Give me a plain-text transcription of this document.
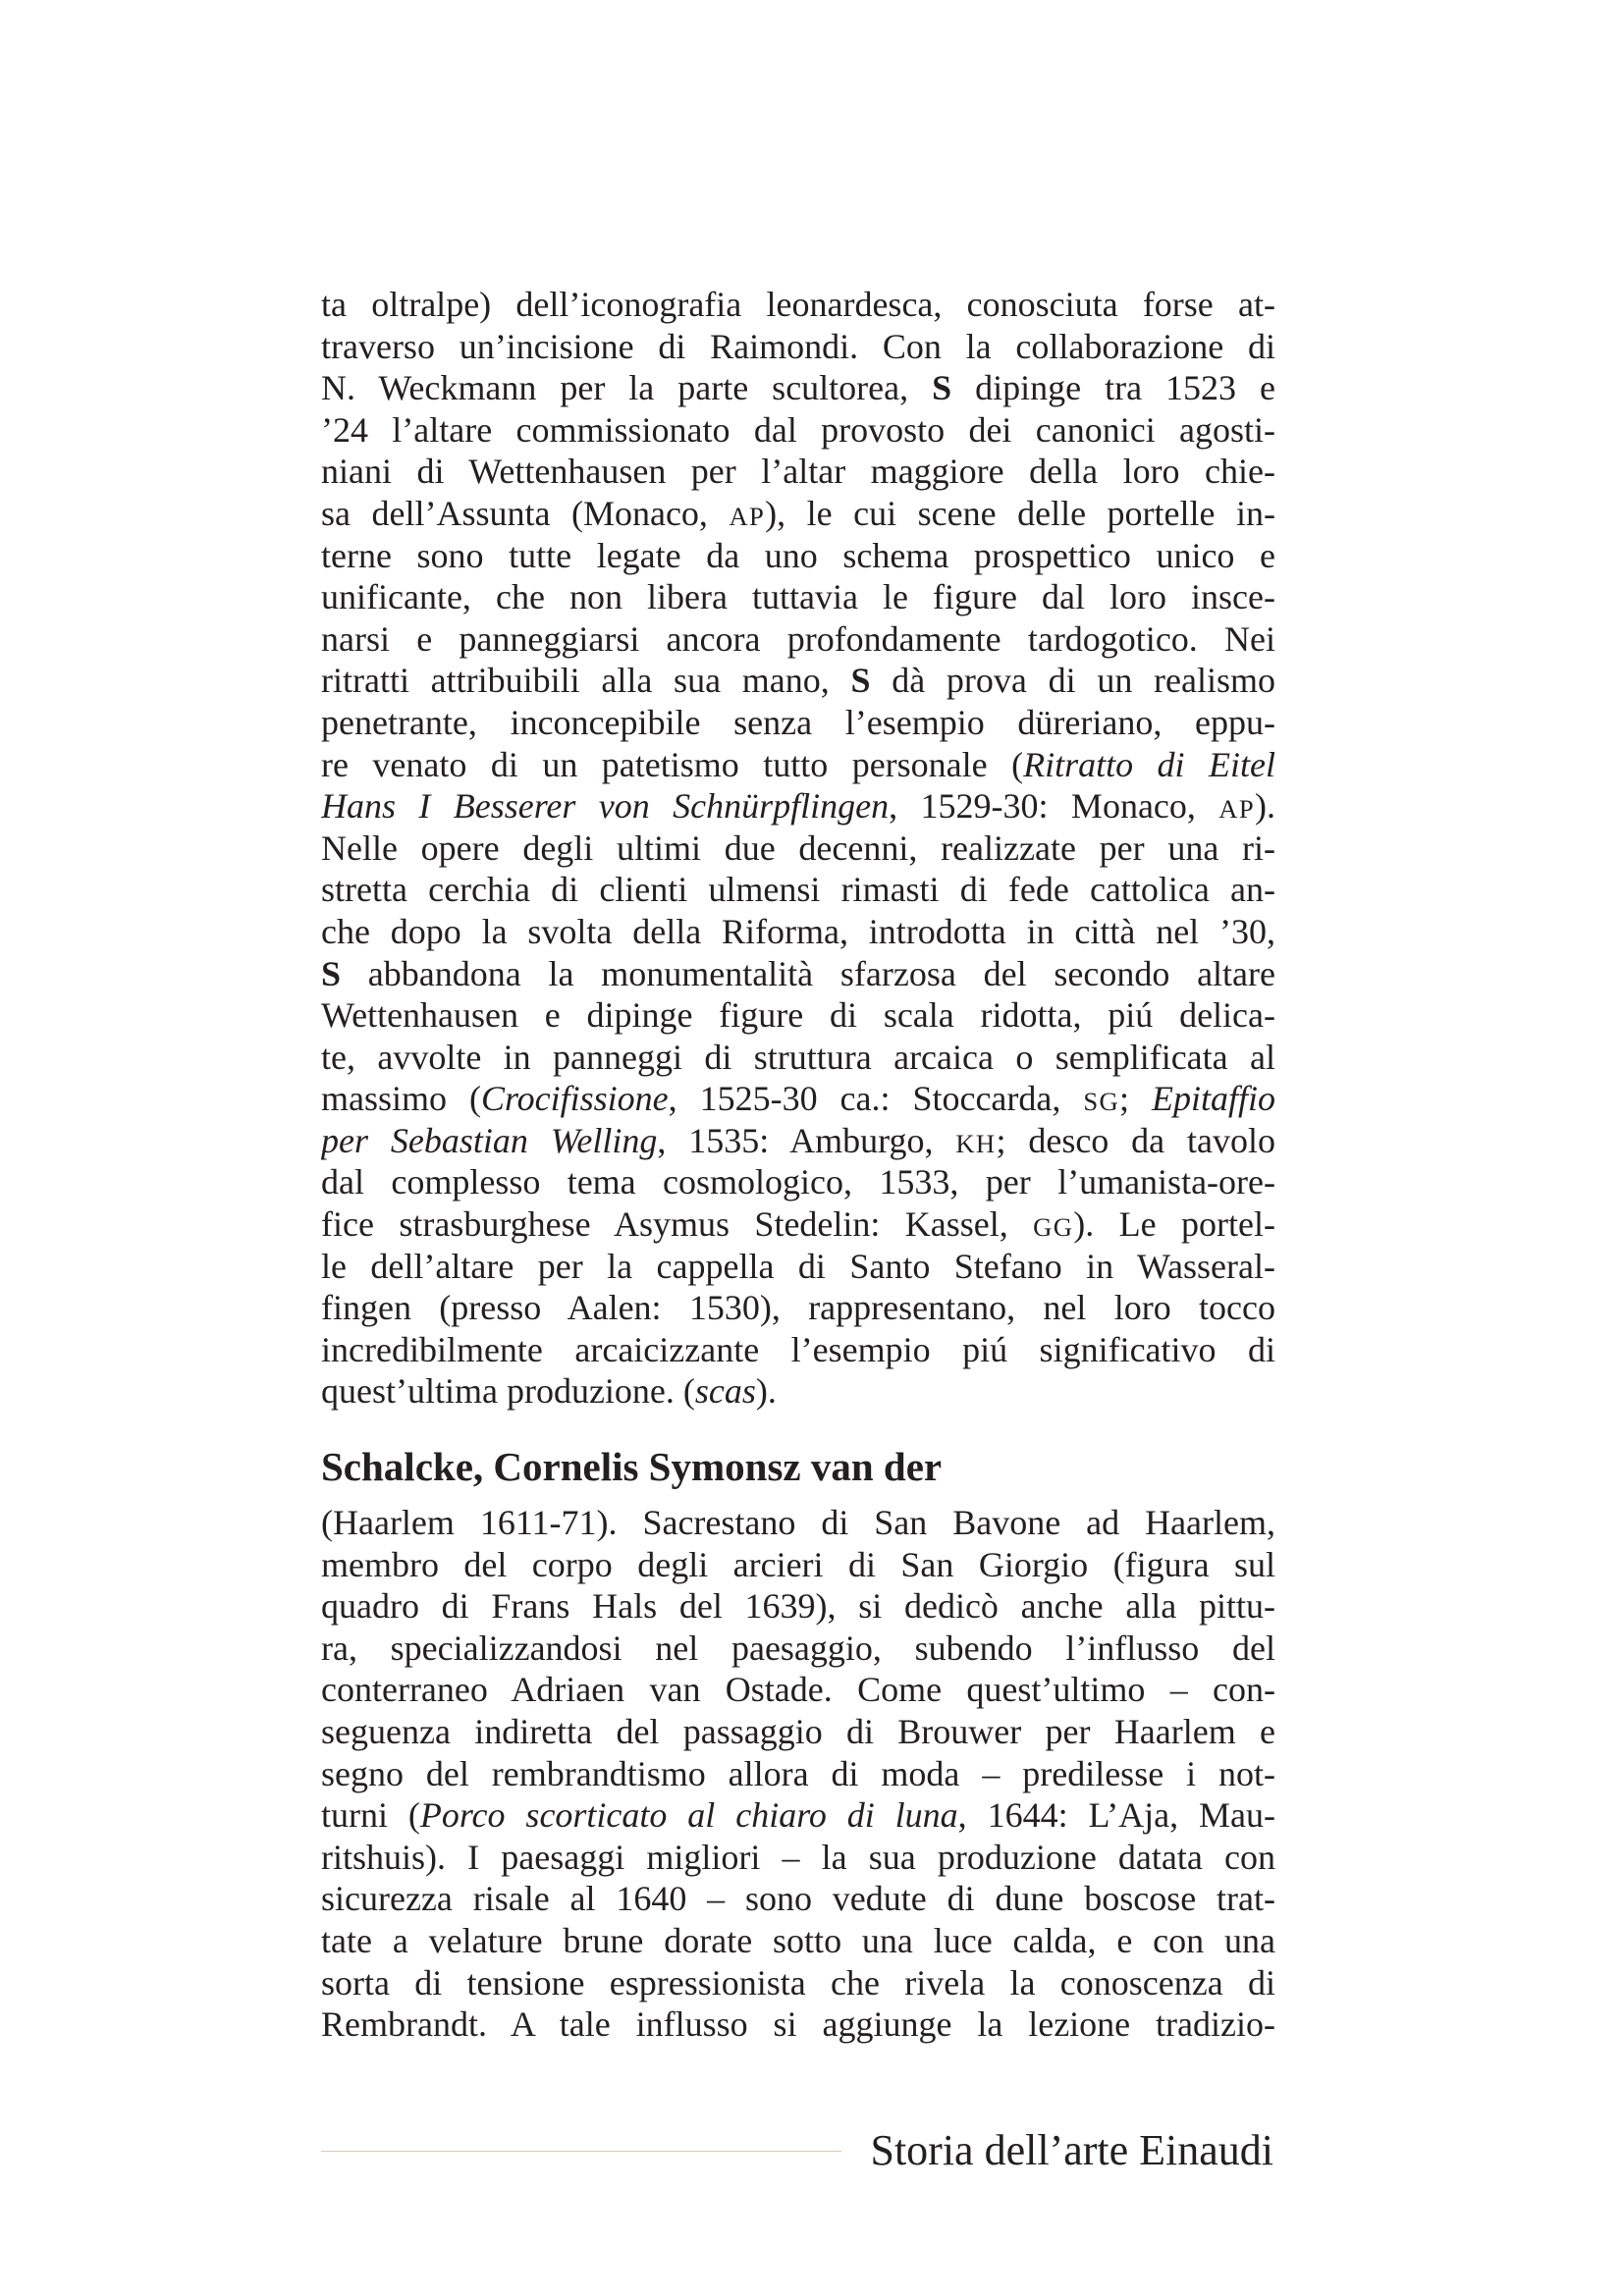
ta oltralpe) dell’iconografia leonardesca, conosciuta forse at-
traverso un’incisione di Raimondi. Con la collaborazione di
N. Weckmann per la parte scultorea, S dipinge tra 1523 e
’24 l’altare commissionato dal provosto dei canonici agosti-
niani di Wettenhausen per l’altar maggiore della loro chie-
sa dell’Assunta (Monaco, AP), le cui scene delle portelle in-
terne sono tutte legate da uno schema prospettico unico e
unificante, che non libera tuttavia le figure dal loro insce-
narsi e panneggiarsi ancora profondamente tardogotico. Nei
ritratti attribuibili alla sua mano, S dà prova di un realismo
penetrante, inconcepibile senza l’esempio düreriano, eppu-
re venato di un patetismo tutto personale (Ritratto di Eitel
Hans I Besserer von Schnürpflingen, 1529-30: Monaco, AP).
Nelle opere degli ultimi due decenni, realizzate per una ri-
stretta cerchia di clienti ulmensi rimasti di fede cattolica an-
che dopo la svolta della Riforma, introdotta in città nel ’30,
S abbandona la monumentalità sfarzosa del secondo altare
Wettenhausen e dipinge figure di scala ridotta, piú delica-
te, avvolte in panneggi di struttura arcaica o semplificata al
massimo (Crocifissione, 1525-30 ca.: Stoccarda, SG; Epitaffio
per Sebastian Welling, 1535: Amburgo, KH; desco da tavolo
dal complesso tema cosmologico, 1533, per l’umanista-ore-
fice strasburghese Asymus Stedelin: Kassel, GG). Le portel-
le dell’altare per la cappella di Santo Stefano in Wasseral-
fingen (presso Aalen: 1530), rappresentano, nel loro tocco
incredibilmente arcaicizzante l’esempio piú significativo di
quest’ultima produzione. (scas).
Schalcke, Cornelis Symonsz van der
(Haarlem 1611-71). Sacrestano di San Bavone ad Haarlem,
membro del corpo degli arcieri di San Giorgio (figura sul
quadro di Frans Hals del 1639), si dedicò anche alla pittu-
ra, specializzandosi nel paesaggio, subendo l’influsso del
conterraneo Adriaen van Ostade. Come quest’ultimo – con-
seguenza indiretta del passaggio di Brouwer per Haarlem e
segno del rembrandtismo allora di moda – predilesse i not-
turni (Porco scorticato al chiaro di luna, 1644: L’Aja, Mau-
ritshuis). I paesaggi migliori – la sua produzione datata con
sicurezza risale al 1640 – sono vedute di dune boscose trat-
tate a velature brune dorate sotto una luce calda, e con una
sorta di tensione espressionista che rivela la conoscenza di
Rembrandt. A tale influsso si aggiunge la lezione tradizio-
Storia dell’arte Einaudi
